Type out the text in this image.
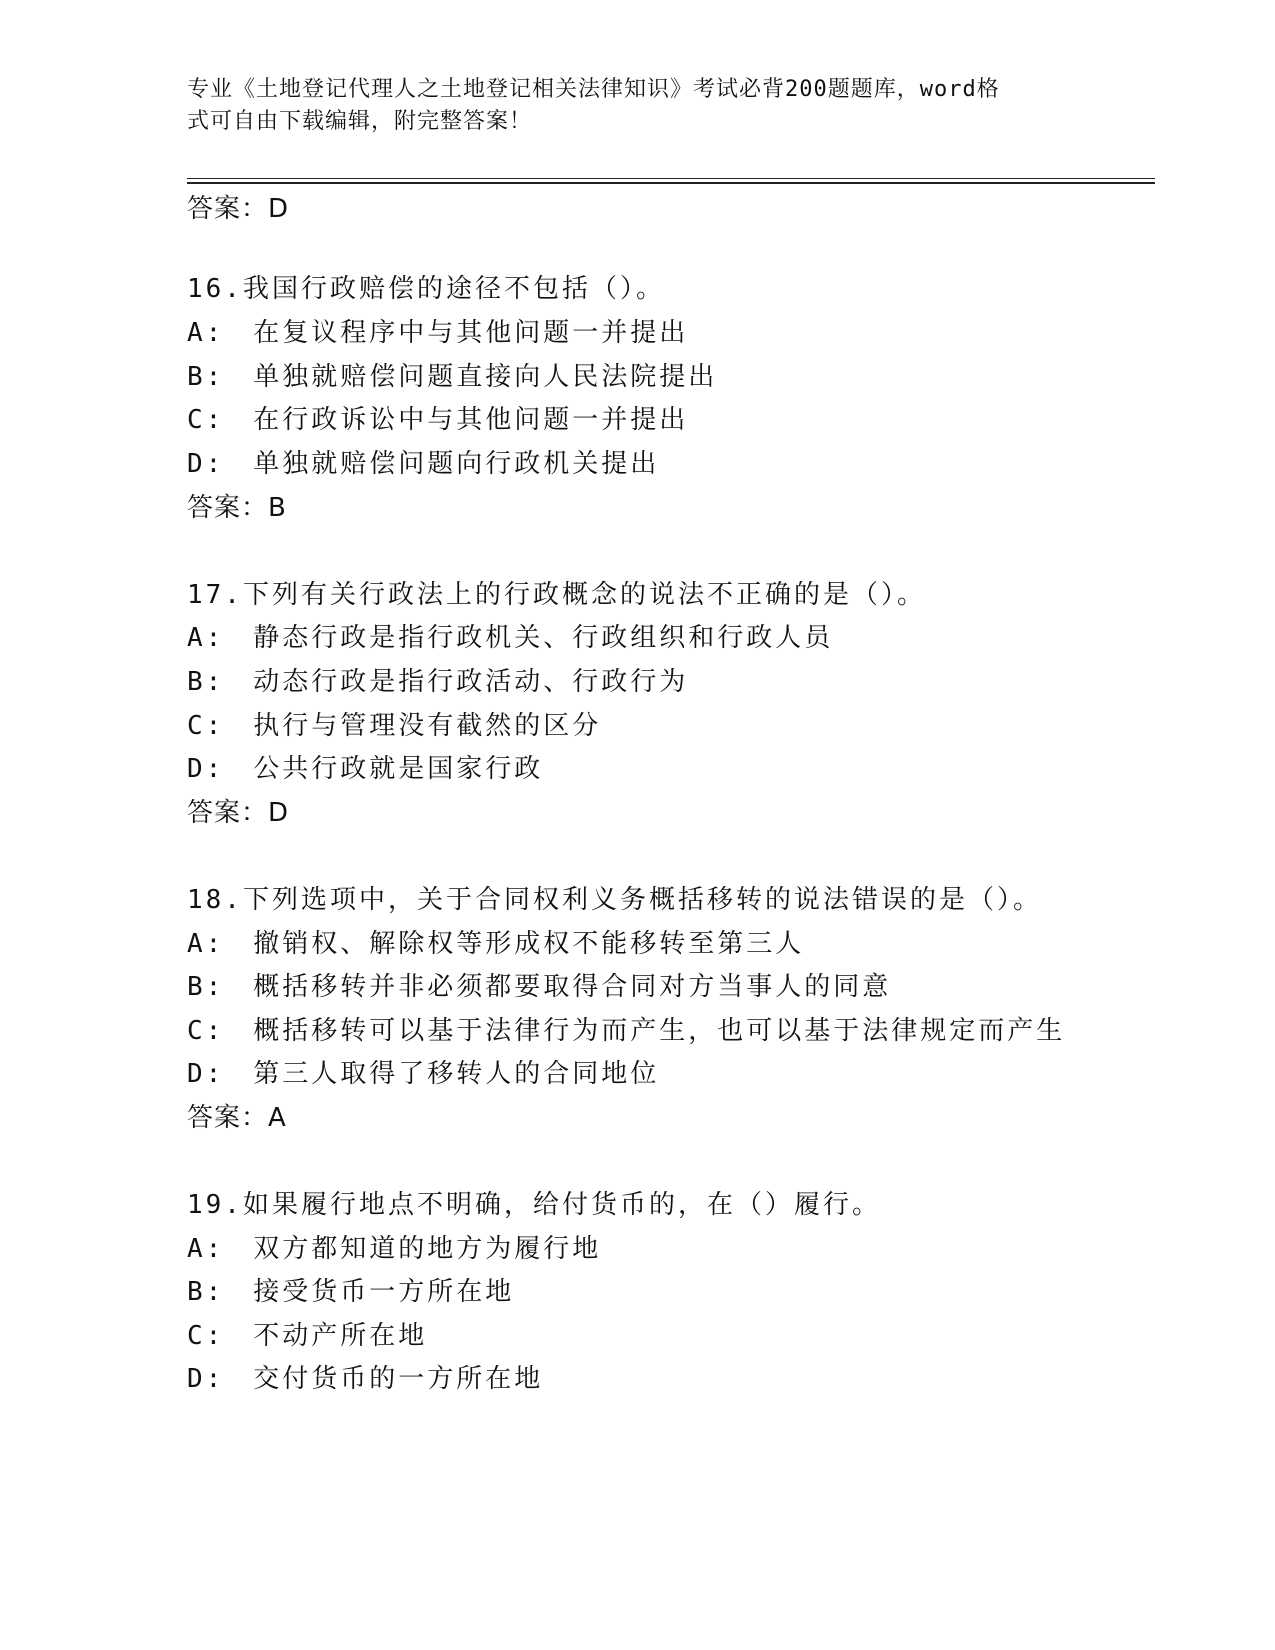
专业《土地登记代理人之土地登记相关法律知识》考试必背200题题库，word格
式可自由下载编辑，附完整答案！
答案：D
16.我国行政赔偿的途径不包括（）。
A:　在复议程序中与其他问题一并提出
B:　单独就赔偿问题直接向人民法院提出
C:　在行政诉讼中与其他问题一并提出
D:　单独就赔偿问题向行政机关提出
答案：B
17.下列有关行政法上的行政概念的说法不正确的是（）。
A:　静态行政是指行政机关、行政组织和行政人员
B:　动态行政是指行政活动、行政行为
C:　执行与管理没有截然的区分
D:　公共行政就是国家行政
答案：D
18.下列选项中，关于合同权利义务概括移转的说法错误的是（）。
A:　撤销权、解除权等形成权不能移转至第三人
B:　概括移转并非必须都要取得合同对方当事人的同意
C:　概括移转可以基于法律行为而产生，也可以基于法律规定而产生
D:　第三人取得了移转人的合同地位
答案：A
19.如果履行地点不明确，给付货币的，在（）履行。
A:　双方都知道的地方为履行地
B:　接受货币一方所在地
C:　不动产所在地
D:　交付货币的一方所在地
